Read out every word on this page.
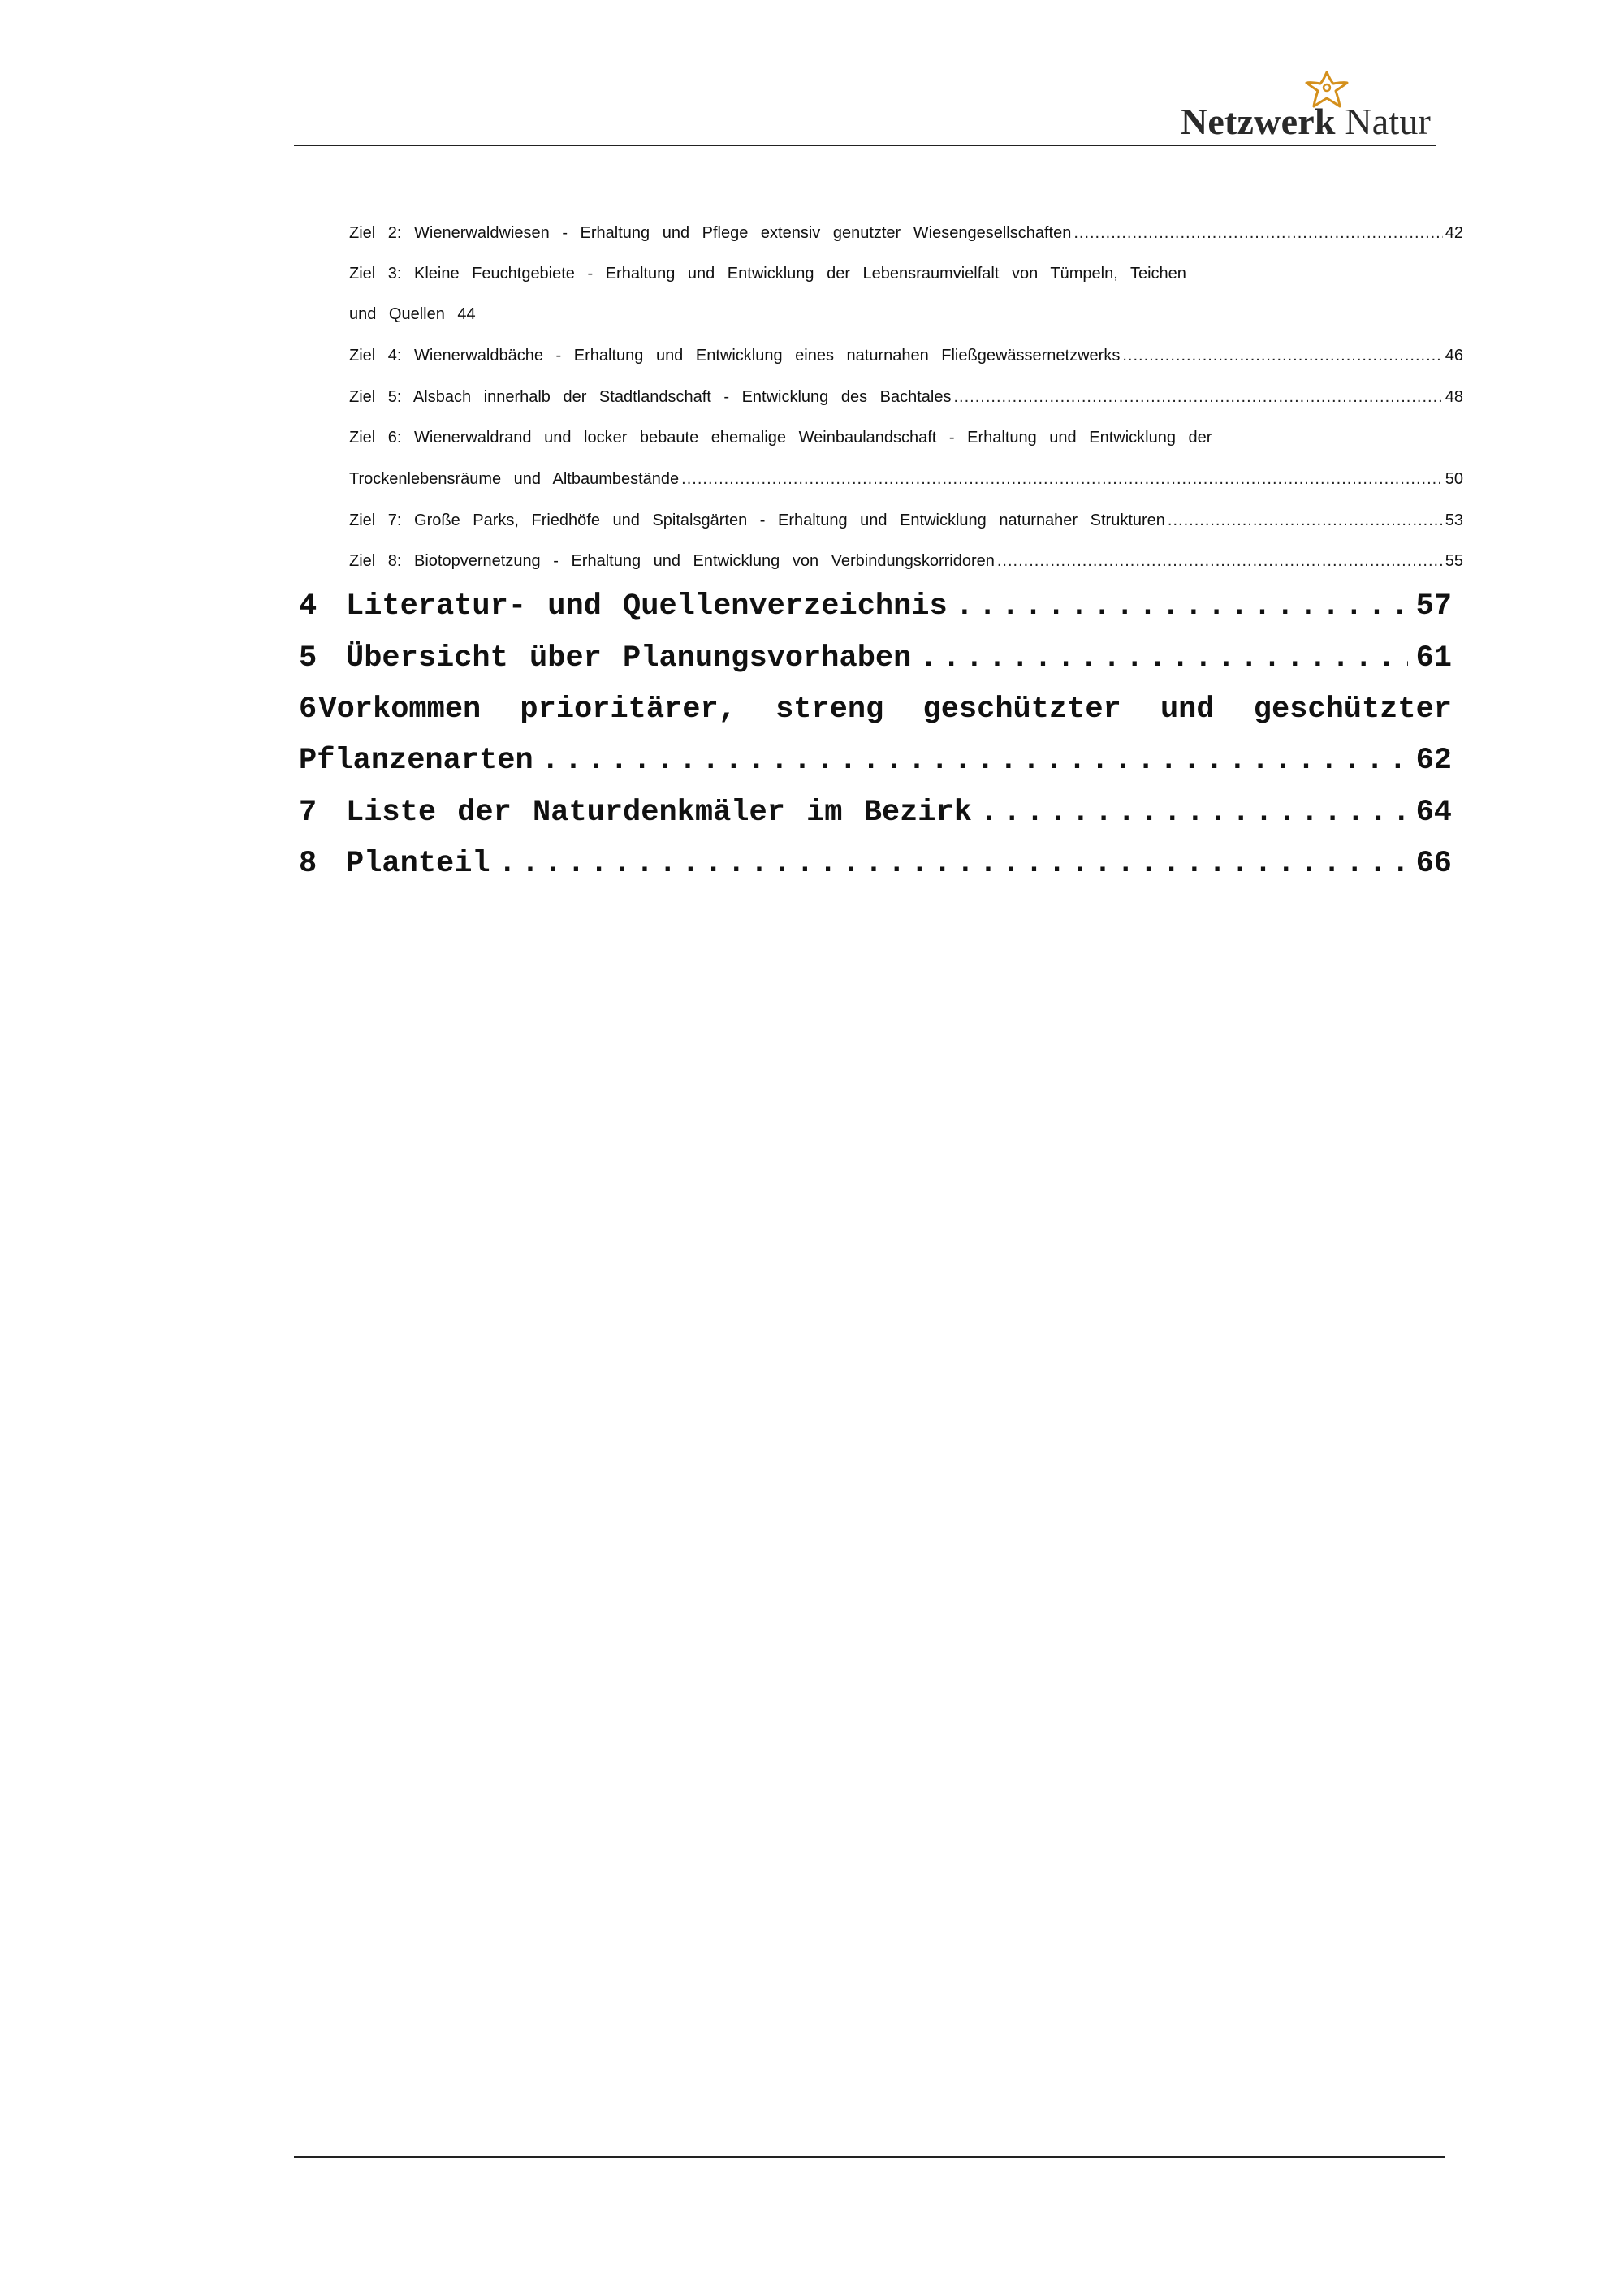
Netzwerk Natur
Ziel 2: Wienerwaldwiesen - Erhaltung und Pflege extensiv genutzter Wiesengesellschaften .....	42
Ziel 3: Kleine Feuchtgebiete - Erhaltung und Entwicklung der Lebensraumvielfalt von Tümpeln, Teichen
und Quellen 44
Ziel 4: Wienerwaldbäche - Erhaltung und Entwicklung eines naturnahen Fließgewässernetzwerks .....	46
Ziel 5: Alsbach innerhalb der Stadtlandschaft - Entwicklung des Bachtales .....	48
Ziel 6: Wienerwaldrand und locker bebaute ehemalige Weinbaulandschaft - Erhaltung und Entwicklung der
Trockenlebensräume und Altbaumbestände .....	50
Ziel 7: Große Parks, Friedhöfe und Spitalsgärten - Erhaltung und Entwicklung naturnaher Strukturen .....	53
Ziel 8: Biotopvernetzung - Erhaltung und Entwicklung von Verbindungskorridoren .....	55
4 Literatur- und Quellenverzeichnis .....	57
5 Übersicht über Planungsvorhaben .....	61
6 Vorkommen prioritärer, streng geschützter und geschützter
Pflanzenarten .....	62
7 Liste der Naturdenkmäler im Bezirk .....	64
8 Planteil .....	66
